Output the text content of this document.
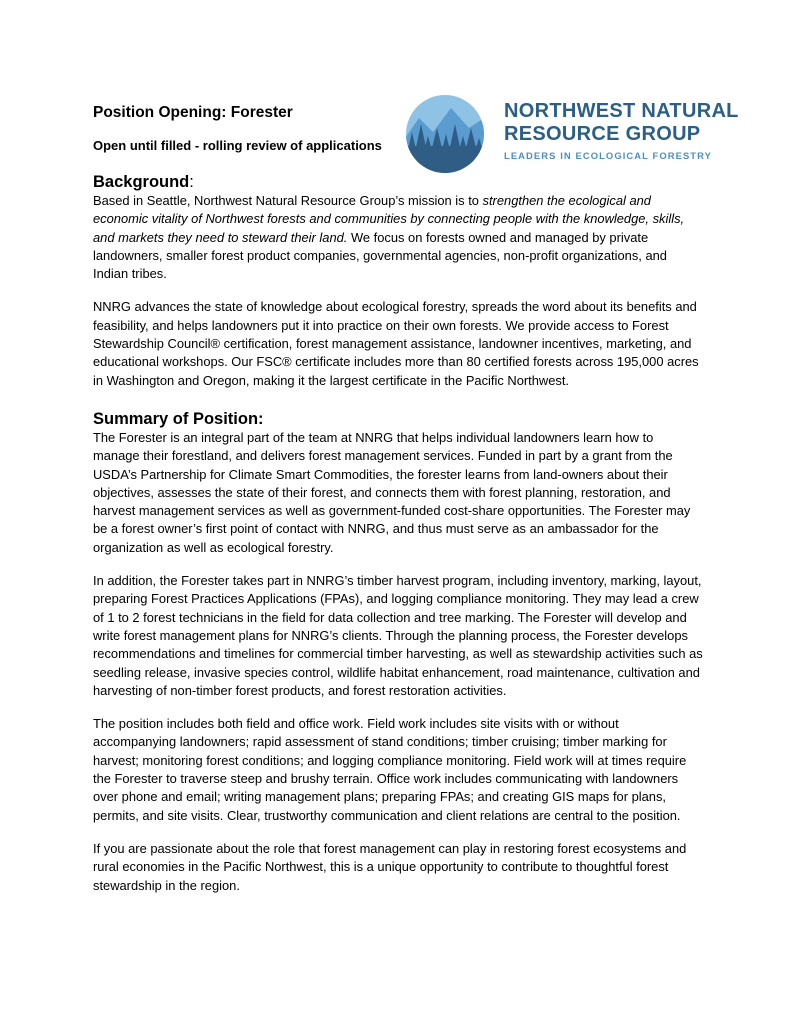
Position Opening: Forester

Open until filled - rolling review of applications

NORTHWEST NATURAL
RESOURCE GROUP
LEADERS IN ECOLOGICAL FORESTRY
Background:

Based in Seattle, Northwest Natural Resource Group’s mission is to strengthen the ecological and economic vitality of Northwest forests and communities by connecting people with the knowledge, skills, and markets they need to steward their land. We focus on forests owned and managed by private landowners, smaller forest product companies, governmental agencies, non-profit organizations, and Indian tribes.

NNRG advances the state of knowledge about ecological forestry, spreads the word about its benefits and feasibility, and helps landowners put it into practice on their own forests. We provide access to Forest Stewardship Council® certification, forest management assistance, landowner incentives, marketing, and educational workshops. Our FSC® certificate includes more than 80 certified forests across 195,000 acres in Washington and Oregon, making it the largest certificate in the Pacific Northwest.

Summary of Position:

The Forester is an integral part of the team at NNRG that helps individual landowners learn how to manage their forestland, and delivers forest management services. Funded in part by a grant from the USDA’s Partnership for Climate Smart Commodities, the forester learns from land-owners about their objectives, assesses the state of their forest, and connects them with forest planning, restoration, and harvest management services as well as government-funded cost-share opportunities. The Forester may be a forest owner’s first point of contact with NNRG, and thus must serve as an ambassador for the organization as well as ecological forestry.

In addition, the Forester takes part in NNRG’s timber harvest program, including inventory, marking, layout, preparing Forest Practices Applications (FPAs), and logging compliance monitoring. They may lead a crew of 1 to 2 forest technicians in the field for data collection and tree marking. The Forester will develop and write forest management plans for NNRG’s clients. Through the planning process, the Forester develops recommendations and timelines for commercial timber harvesting, as well as stewardship activities such as seedling release, invasive species control, wildlife habitat enhancement, road maintenance, cultivation and harvesting of non-timber forest products, and forest restoration activities.

The position includes both field and office work. Field work includes site visits with or without accompanying landowners; rapid assessment of stand conditions; timber cruising; timber marking for harvest; monitoring forest conditions; and logging compliance monitoring. Field work will at times require the Forester to traverse steep and brushy terrain. Office work includes communicating with landowners over phone and email; writing management plans; preparing FPAs; and creating GIS maps for plans, permits, and site visits. Clear, trustworthy communication and client relations are central to the position.

If you are passionate about the role that forest management can play in restoring forest ecosystems and rural economies in the Pacific Northwest, this is a unique opportunity to contribute to thoughtful forest stewardship in the region.
